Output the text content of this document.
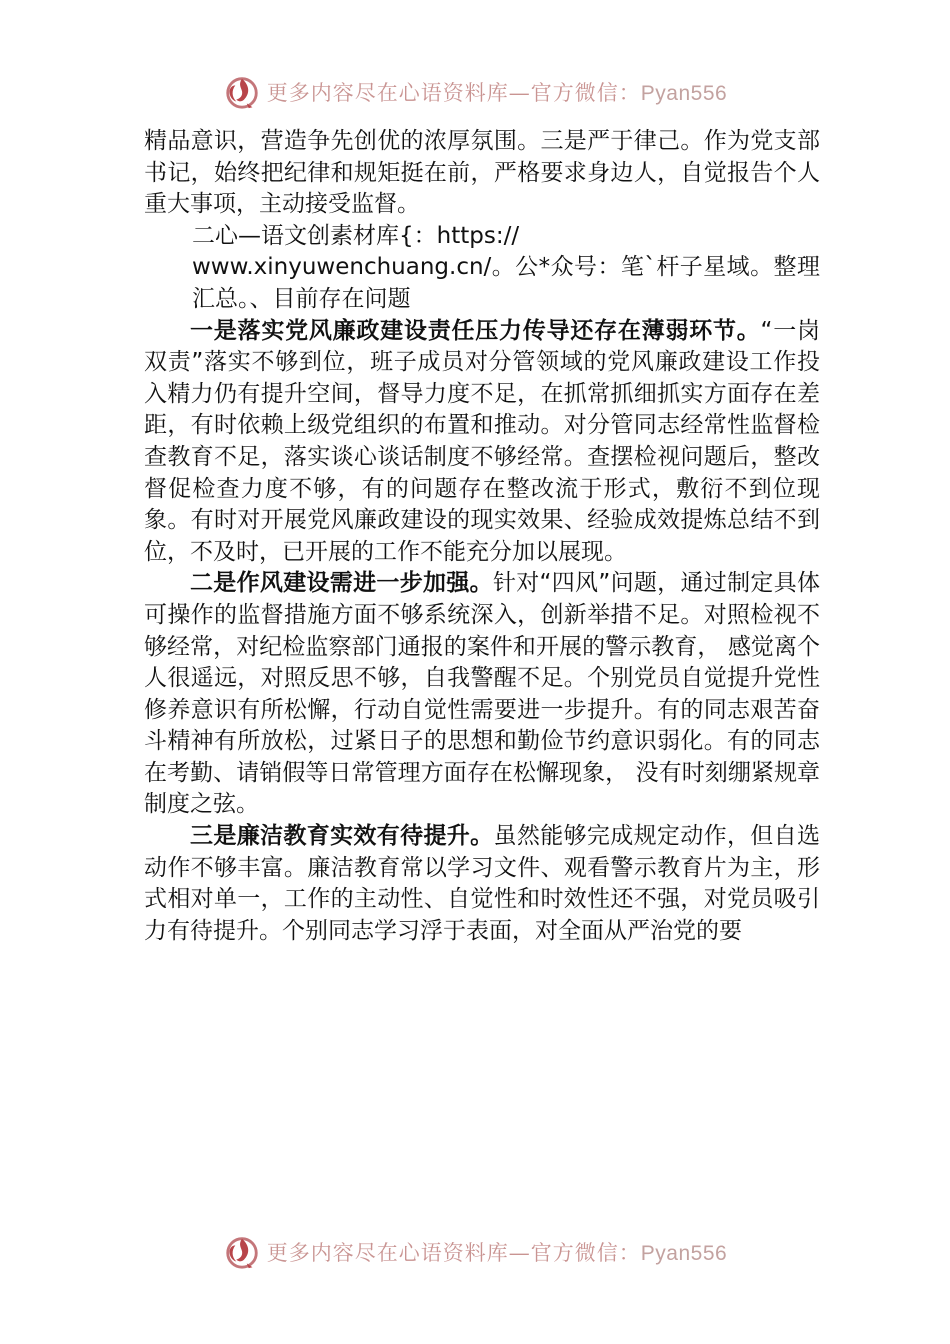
更多内容尽在心语资料库—官方微信：Pyan556

精品意识，营造争先创优的浓厚氛围。三是严于律己。作为党支部书记，始终把纪律和规矩挺在前，严格要求身边人，自觉报告个人重大事项，主动接受监督。

二心—语文创素材库{：https://

www.xinyuwenchuang.cn/。公*众号：笔`杆子星域。整理汇总。、目前存在问题

一是落实党风廉政建设责任压力传导还存在薄弱环节。“一岗双责”落实不够到位，班子成员对分管领域的党风廉政建设工作投入精力仍有提升空间，督导力度不足，在抓常抓细抓实方面存在差距，有时依赖上级党组织的布置和推动。对分管同志经常性监督检查教育不足，落实谈心谈话制度不够经常。查摆检视问题后，整改督促检查力度不够，有的问题存在整改流于形式，敷衍不到位现象。有时对开展党风廉政建设的现实效果、经验成效提炼总结不到位，不及时，已开展的工作不能充分加以展现。

二是作风建设需进一步加强。针对“四风”问题，通过制定具体可操作的监督措施方面不够系统深入，创新举措不足。对照检视不够经常，对纪检监察部门通报的案件和开展的警示教育， 感觉离个人很遥远，对照反思不够，自我警醒不足。个别党员自觉提升党性修养意识有所松懈，行动自觉性需要进一步提升。有的同志艰苦奋斗精神有所放松，过紧日子的思想和勤俭节约意识弱化。有的同志在考勤、请销假等日常管理方面存在松懈现象， 没有时刻绷紧规章制度之弦。

三是廉洁教育实效有待提升。虽然能够完成规定动作，但自选动作不够丰富。廉洁教育常以学习文件、观看警示教育片为主，形式相对单一，工作的主动性、自觉性和时效性还不强，对党员吸引力有待提升。个别同志学习浮于表面，对全面从严治党的要

更多内容尽在心语资料库—官方微信：Pyan556
